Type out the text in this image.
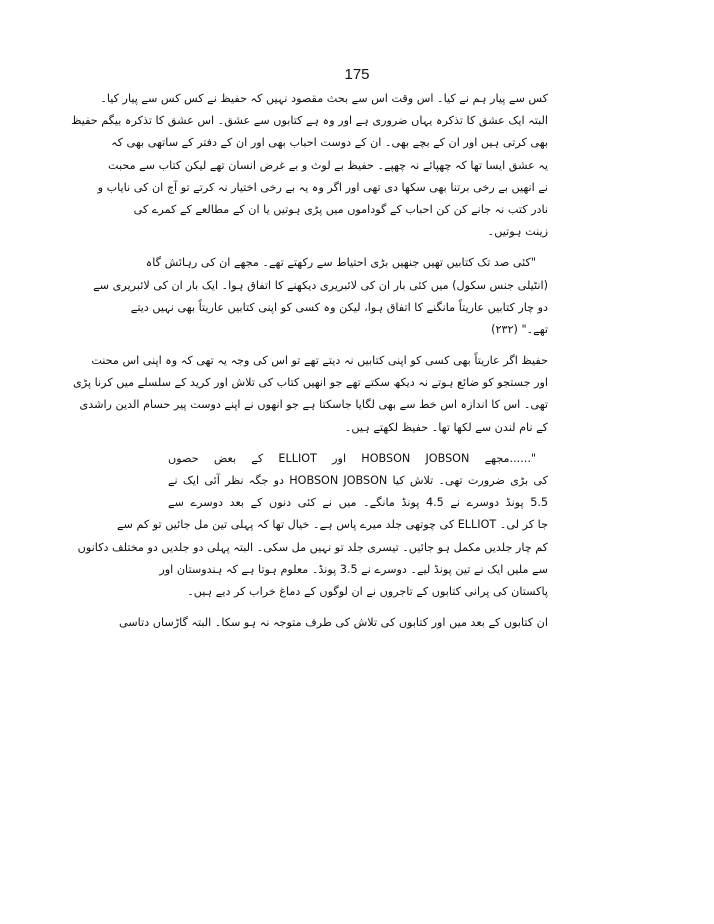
175
کس سے پیار ہم نے کیا۔ اس وقت اس سے بحث مقصود نہیں کہ حفیظ نے کس کس سے پیار کیا۔
البتہ ایک عشق کا تذکرہ یہاں ضروری ہے اور وہ ہے کتابوں سے عشق۔ اس عشق کا تذکرہ بیگم حفیظ
بھی کرتی ہیں اور ان کے بچے بھی۔ ان کے دوست احباب بھی اور ان کے دفتر کے ساتھی بھی کہ
یہ عشق ایسا تھا کہ چھپائے نہ چھپے۔ حفیظ بے لوث و بے غرض انسان تھے لیکن کتاب سے محبت
نے انھیں بے رخی برتنا بھی سکھا دی تھی اور اگر وہ یہ بے رخی اختیار نہ کرتے تو آج ان کی نایاب و
نادر کتب نہ جانے کن کن احباب کے گوداموں میں پڑی ہوتیں یا ان کے مطالعے کے کمرے کی
زینت ہوتیں۔
"کئی صد تک کتابیں تھیں جنھیں بڑی احتیاط سے رکھتے تھے۔ مجھے ان کی رہائش گاہ
(انٹیلی جنس سکول) میں کئی بار ان کی لائبریری دیکھنے کا اتفاق ہوا۔ ایک بار ان کی لائبریری سے
دو چار کتابیں عاریتاً مانگنے کا اتفاق ہوا، لیکن وہ کسی کو اپنی کتابیں عاریتاً بھی نہیں دیتے
تھے۔" (۲۳۲)
حفیظ اگر عاریتاً بھی کسی کو اپنی کتابیں نہ دیتے تھے تو اس کی وجہ یہ تھی کہ وہ اپنی اس محنت
اور جستجو کو ضائع ہوتے نہ دیکھ سکتے تھے جو انھیں کتاب کی تلاش اور کرید کے سلسلے میں کرنا پڑی
تھی۔ اس کا اندازہ اس خط سے بھی لگایا جاسکتا ہے جو انھوں نے اپنے دوست پیر حسام الدین راشدی
کے نام لندن سے لکھا تھا۔ حفیظ لکھتے ہیں۔
"......مجھے HOBSON JOBSON اور ELLIOT کے بعض حصوں
کی بڑی ضرورت تھی۔ تلاش کیا HOBSON JOBSON دو جگہ نظر آئی ایک نے
5.5 پونڈ دوسرے نے 4.5 پونڈ مانگے۔ میں نے کئی دنوں کے بعد دوسرے سے
جا کر لی۔ ELLIOT کی چوتھی جلد میرے پاس ہے۔ خیال تھا کہ پہلی تین مل جائیں تو کم سے
کم چار جلدیں مکمل ہو جائیں۔ تیسری جلد تو نہیں مل سکی۔ البتہ پہلی دو جلدیں دو مختلف دکانوں
سے ملیں ایک نے تین پونڈ لیے۔ دوسرے نے 3.5 پونڈ۔ معلوم ہوتا ہے کہ ہندوستان اور
پاکستان کی پرانی کتابوں کے تاجروں نے ان لوگوں کے دماغ خراب کر دیے ہیں۔
ان کتابوں کے بعد میں اور کتابوں کی تلاش کی طرف متوجہ نہ ہو سکا۔ البتہ گاڑساں دتاسی
